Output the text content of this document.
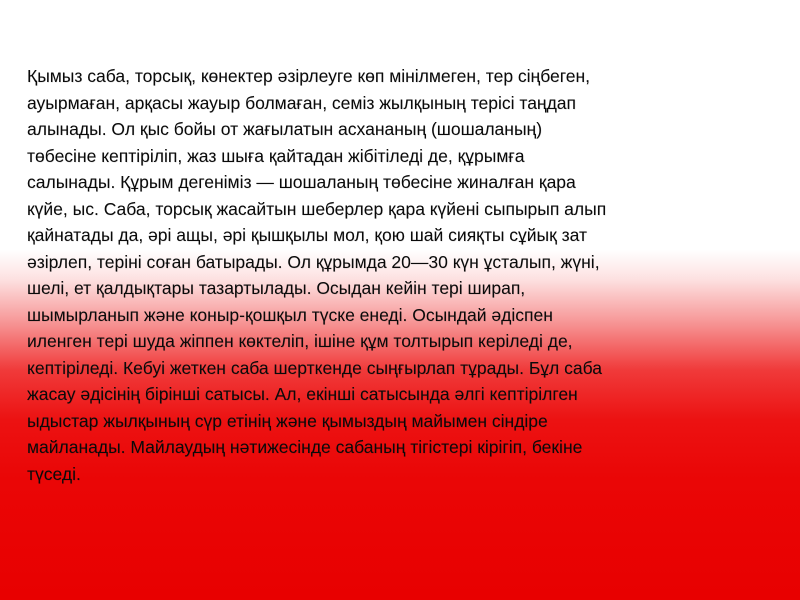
Қымыз саба, торсық, көнектер әзірлеуге көп мінілмеген, тер сіңбеген,
ауырмаған, арқасы жауыр болмаған, семіз жылқының терісі таңдап
алынады. Ол қыс бойы от жағылатын асхананың (шошаланың)
төбесіне кептіріліп, жаз шыға қайтадан жібітіледі де, құрымға
салынады. Құрым дегеніміз — шошаланың төбесіне жиналған қара
күйе, ыс. Саба, торсық жасайтын шеберлер қара күйені сыпырып алып
қайнатады да, әрі ащы, әрі қышқылы мол, қою шай сияқты сұйық зат
әзірлеп, теріні соған батырады. Ол құрымда 20—30 күн ұсталып, жүні,
шелі, ет қалдықтары тазартылады. Осыдан кейін тері ширап,
шымырланып және коныр-қошқыл түске енеді. Осындай әдіспен
иленген тері шуда жіппен көктеліп, ішіне құм толтырып керіледі де,
кептіріледі. Кебуі жеткен саба шерткенде сыңғырлап тұрады. Бұл саба
жасау әдісінің бірінші сатысы. Ал, екінші сатысында әлгі кептірілген
ыдыстар жылқының сүр етінің және қымыздың майымен сіндіре
майланады. Майлаудың нәтижесінде сабаның тігістері кірігіп, бекіне
түседі.
